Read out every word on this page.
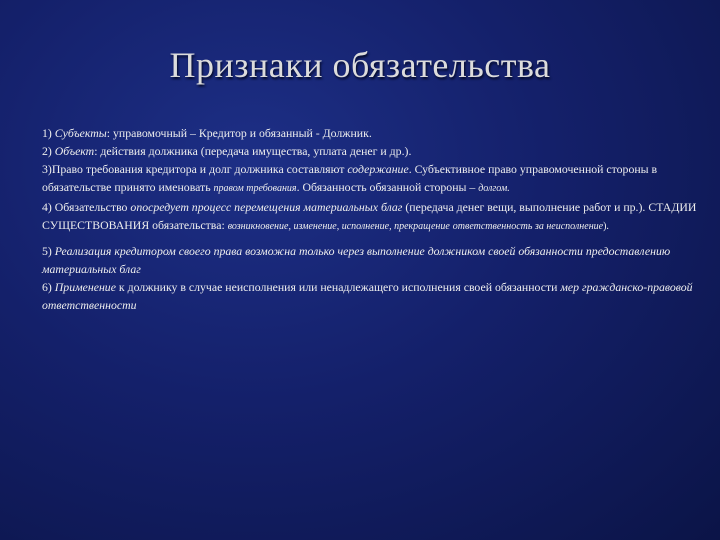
Признаки обязательства

1) Субъекты: управомочный – Кредитор и обязанный - Должник.

2) Объект: действия должника (передача имущества, уплата денег и др.).

3)Право требования кредитора и долг должника составляют содержание. Субъективное право управомоченной стороны в обязательстве принято именовать правом требования. Обязанность обязанной стороны – долгом.

4) Обязательство опосредует процесс перемещения материальных благ (передача денег вещи, выполнение работ и пр.). СТАДИИ СУЩЕСТВОВАНИЯ обязательства: возникновение, изменение, исполнение, прекращение ответственность за неисполнение).

5) Реализация кредитором своего права возможна только через выполнение должником своей обязанности предоставлению материальных благ

6) Применение к должнику в случае неисполнения или ненадлежащего исполнения своей обязанности мер гражданско-правовой ответственности
